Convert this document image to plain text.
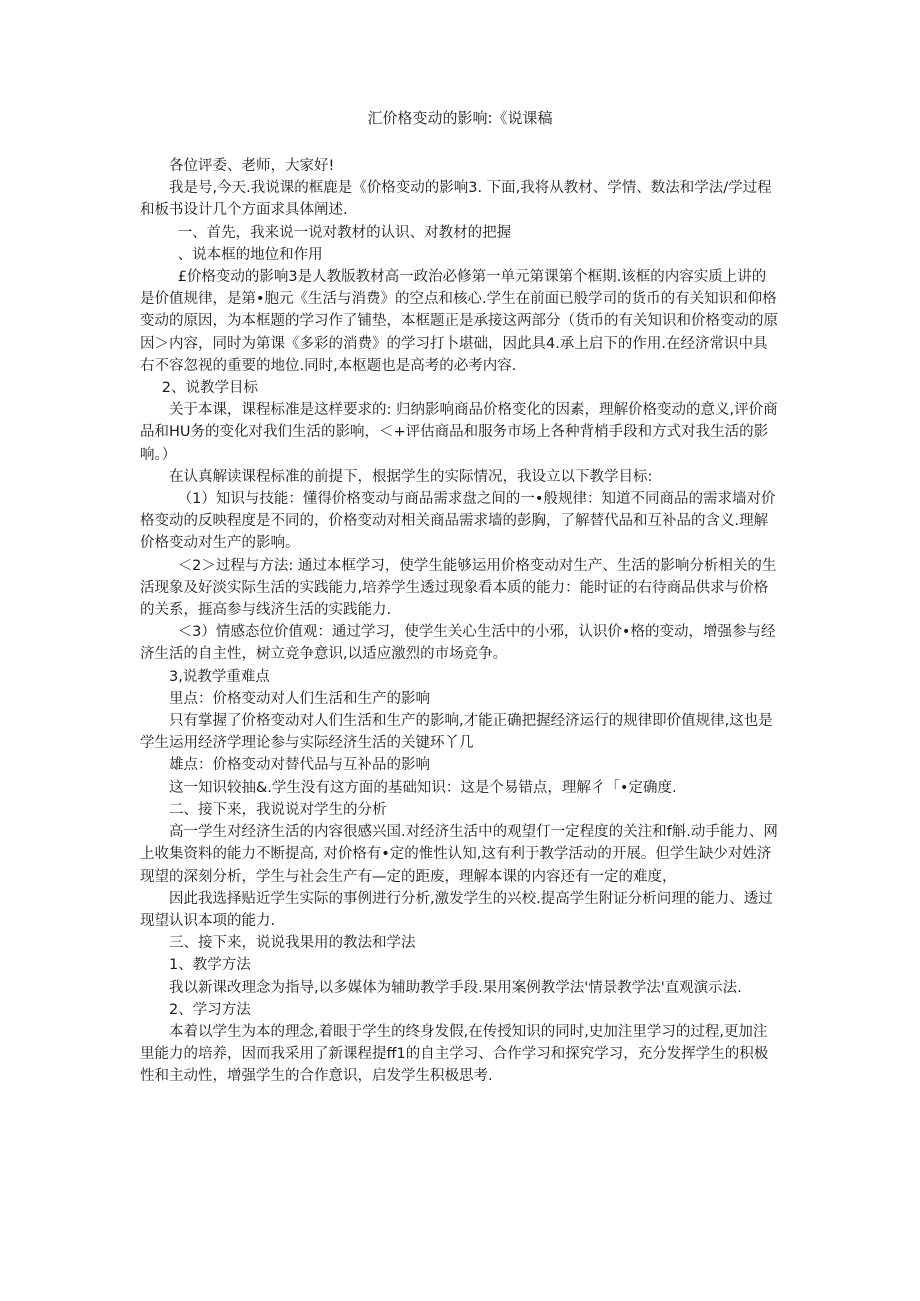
汇价格变动的影响:《说课稿

各位评委、老师，大家好!

我是号,今天.我说课的框鹿是《价格变动的影响3. 下面,我将从教材、学情、数法和学法/学过程和板书设计几个方面求具体阐述.

一、首先，我来说一说对教材的认识、对教材的把握

、说本框的地位和作用

£价格变动的影响3是人教版教材高一政治必修第一单元第课第个框期.该框的内容实质上讲的是价值规律，是第•胞元《生活与消费》的空点和核心.学生在前面已般学司的货币的有关知识和仰格变动的原因，为本框题的学习作了铺垫，本框题正是承接这两部分（货币的有关知识和价格变动的原因＞内容，同时为第课《多彩的消费》的学习打卜堪础，因此具4.承上启下的作用.在经济常识中具右不容忽视的重要的地位.同时,本枢题也是高考的必考内容.

2、说教学目标

关于本课，课程标准是这样要求的: 归纳影响商品价格变化的因素，理解价格变动的意义,评价商品和HU务的变化对我们生活的影响，＜+评估商品和服务市场上各种背梢手段和方式对我生活的影响。）

在认真解读课程标准的前提下，根据学生的实际情况，我设立以下教学目标:

（1）知识与技能：懂得价格变动与商品需求盘之间的一•般规律：知道不同商品的需求墙对价格变动的反映程度是不同的，价格变动对相关商品需求墙的彭胸，了解替代品和互补品的含义.理解价格变动对生产的影响。

＜2＞过程与方法: 通过本框学习，使学生能够运用价格变动对生产、生活的影响分析相关的生活现象及好淡实际生活的实践能力,培养学生透过现象看本质的能力：能时证的右待商品供求与价格的关系，捱高参与线济生活的实践能力.

＜3）情感态位价值观：通过学习，使学生关心生活中的小邪，认识价•格的变动，增强参与经济生活的自主性，树立竞争意识,以适应激烈的市场竞争。

3,说教学重难点

里点：价格变动对人们生活和生产的影响

只有掌握了价格变动对人们生活和生产的影响,才能正确把握经济运行的规律即价值规律,这也是学生运用经济学理论参与实际经济生活的关键环丫几

雄点：价格变动对替代品与互补品的影响

这一知识较抽&.学生没有这方面的基础知识：这是个易错点，理解彳「•定确度.

二、接下来，我说说对学生的分析

高一学生对经济生活的内容很感兴国.对经济生活中的观望仃一定程度的关注和f斛.动手能力、网上收集资料的能力不断提高, 对价格有•定的惟性认知,这有利于教学活动的开展。但学生缺少对姓济现望的深刻分析，学生与社会生产有—定的距废，理解本课的内容还有一定的难度，

因此我选择贴近学生实际的事例进行分析,激发学生的兴校.提高学生附证分析问理的能力、透过现望认识本项的能力.

三、接下来，说说我果用的教法和学法

1、教学方法

我以新课改理念为指导,以多媒体为辅助教学手段.果用案例教学法'情景教学法'直观演示法.

2、学习方法

本着以学生为本的理念,着眼于学生的终身发假,在传授知识的同时,史加注里学习的过程,更加注里能力的培养，因而我采用了新课程提ff1的自主学习、合作学习和探究学习，充分发挥学生的积极性和主动性，增强学生的合作意识，启发学生积极思考.
